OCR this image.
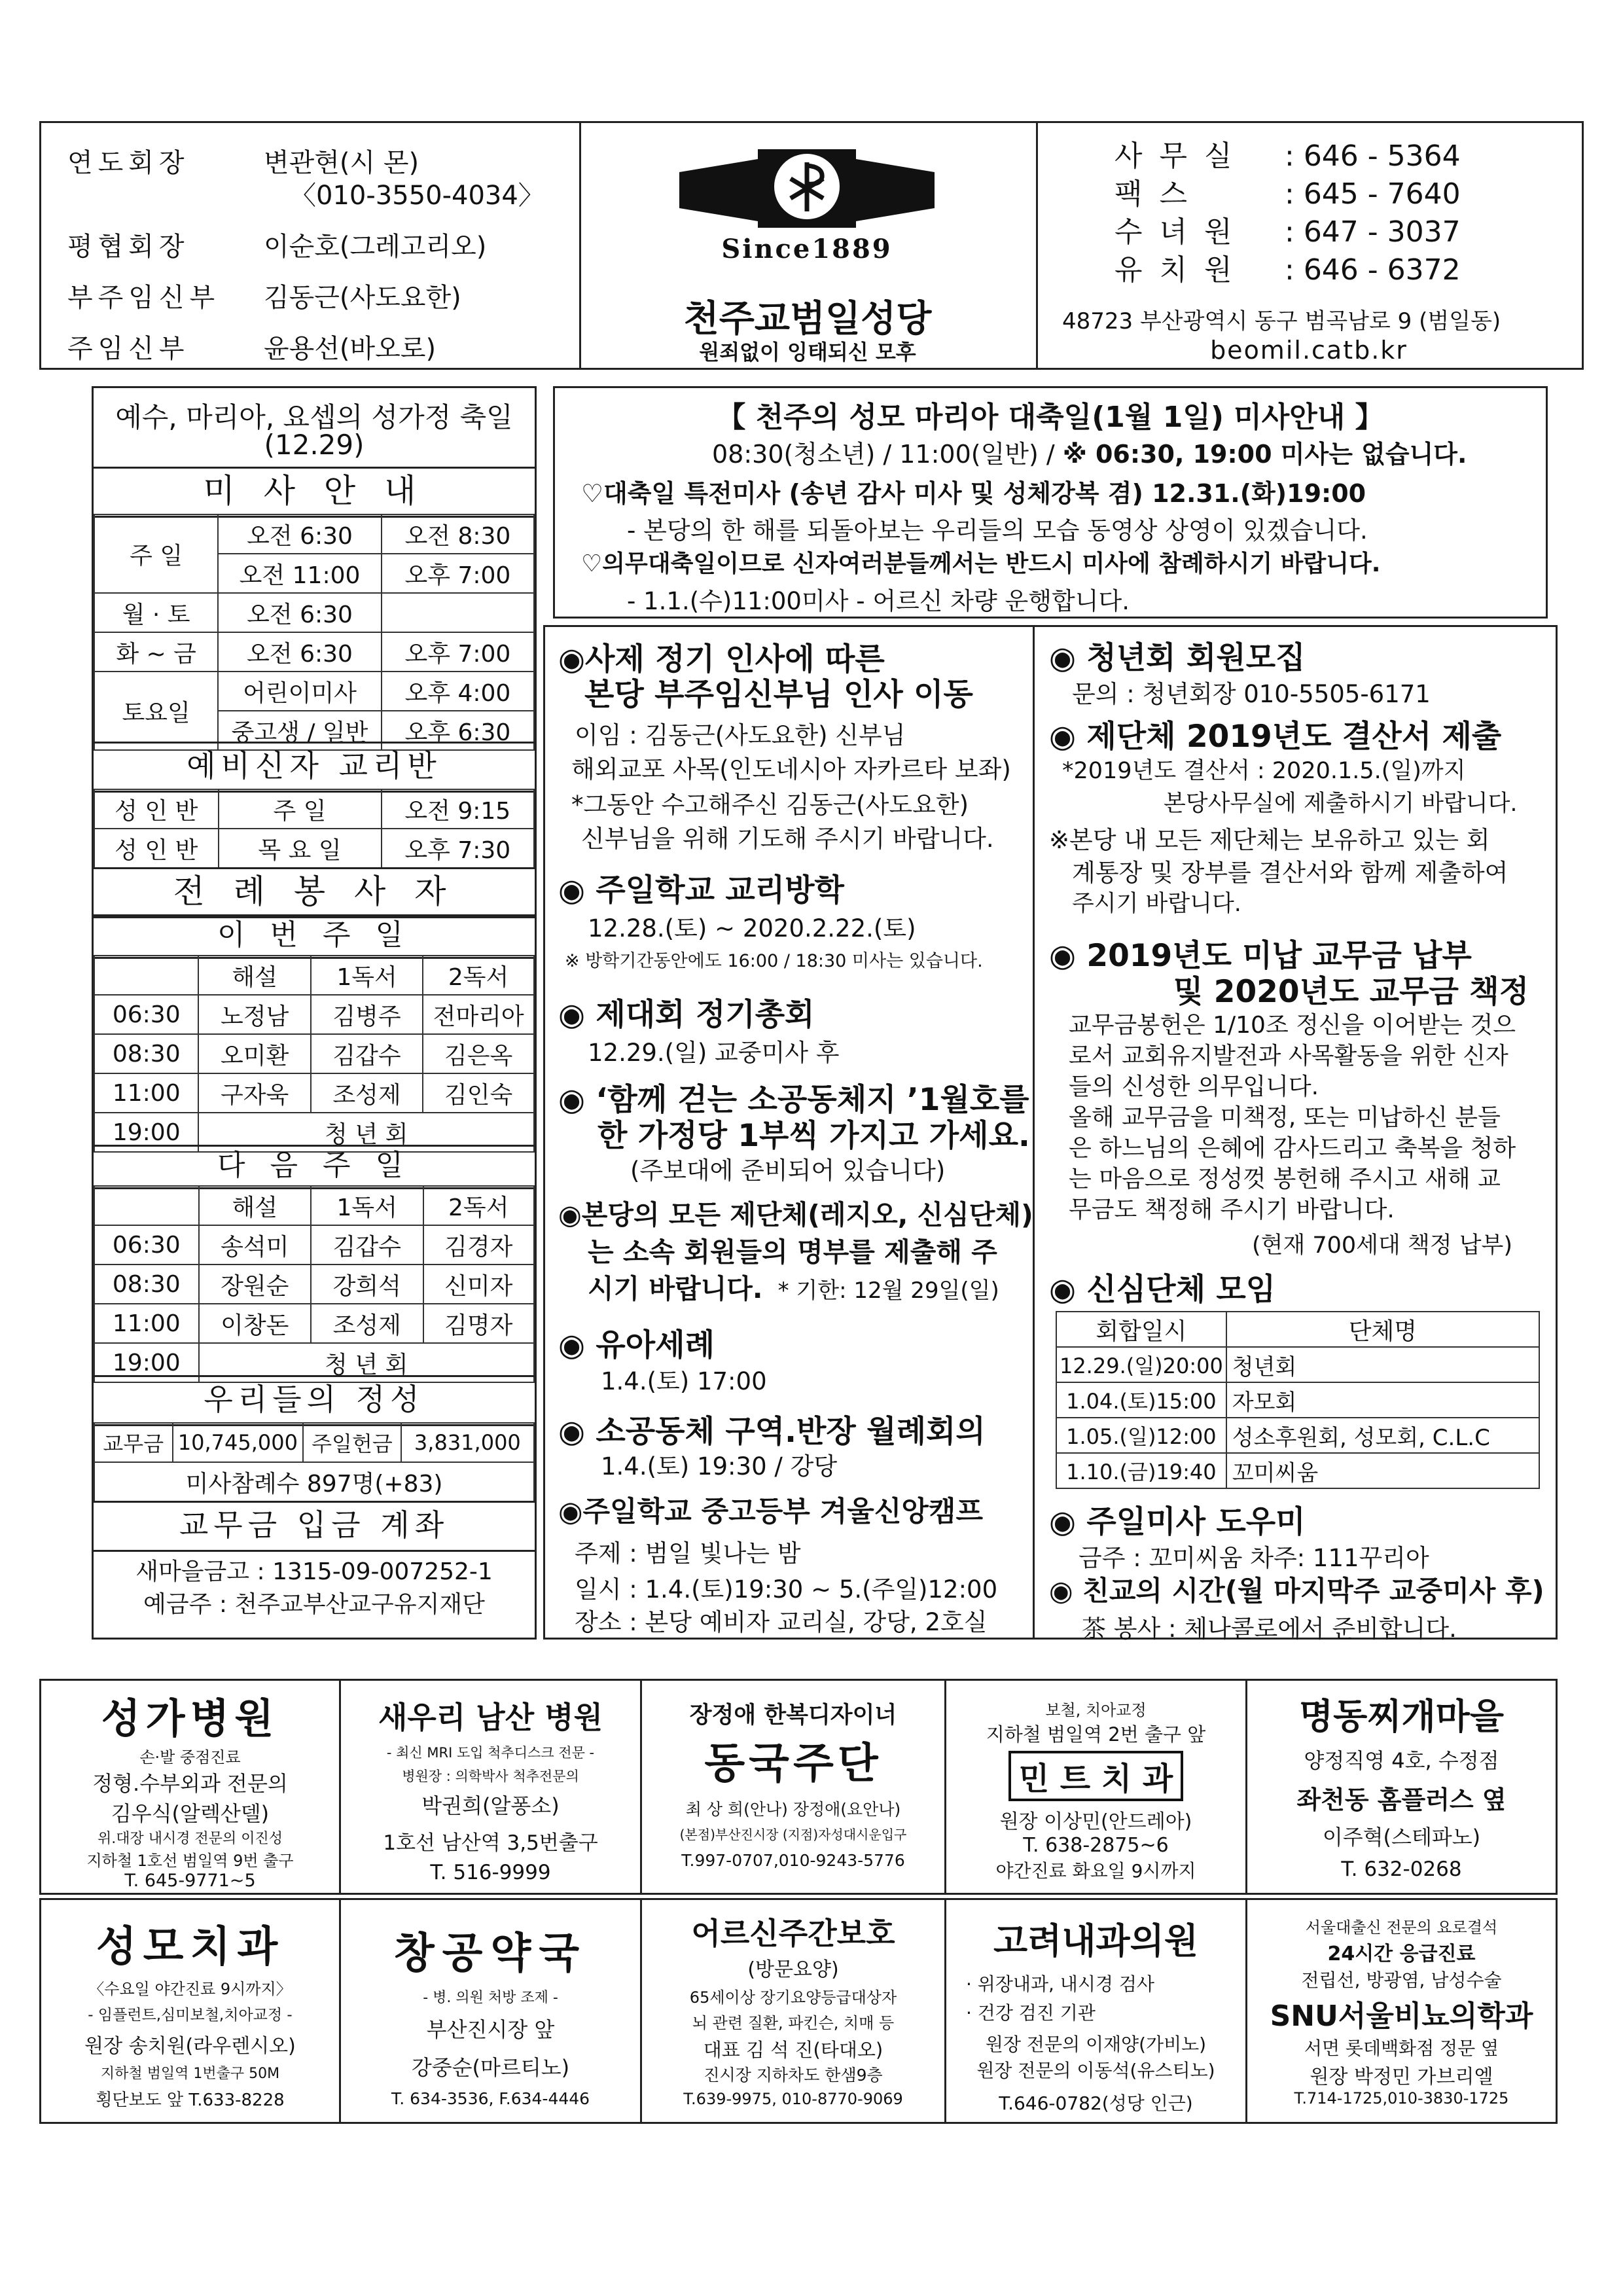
연도회장	변관현(시 몬)
〈010-3550-4034〉
평협회장	이순호(그레고리오)
부주임신부 김동근(사도요한)
주임신부	윤용선(바오로)
Since1889
천주교범일성당
원죄없이 잉태되신 모후
사 무 실 : 646 - 5364
팩 스	: 645 - 7640
수 녀 원 : 647 - 3037
유 치 원 : 646 - 6372
48723 부산광역시 동구 범곡남로 9 (범일동)
beomil.catb.kr
예수, 마리아, 요셉의 성가정 축일
(12.29)
미 사 안 내
주 일	오전 6:30	오전 8:30
	오전 11:00	오후 7:00
월 · 토	오전 6:30	
화 ~ 금	오전 6:30	오후 7:00
토요일	어린이미사	오후 4:00
	중고생 / 일반	오후 6:30
예비신자 교리반
성 인 반	주 일	오전 9:15
성 인 반	목 요 일	오후 7:30
전 례 봉 사 자
이 번 주 일
	해설	1독서	2독서
06:30	노정남	김병주	전마리아
08:30	오미환	김갑수	김은옥
11:00	구자욱	조성제	김인숙
19:00	청 년 회		
다 음 주 일
	해설	1독서	2독서
06:30	송석미	김갑수	김경자
08:30	장원순	강희석	신미자
11:00	이창돈	조성제	김명자
19:00	청 년 회		
우리들의 정성
교무금	10,745,000	주일헌금	3,831,000
미사참례수 897명(+83)
교무금 입금 계좌
새마을금고 : 1315-09-007252-1
예금주 : 천주교부산교구유지재단
【 천주의 성모 마리아 대축일(1월 1일) 미사안내 】
08:30(청소년) / 11:00(일반) / ※ 06:30, 19:00 미사는 없습니다.
♡대축일 특전미사 (송년 감사 미사 및 성체강복 겸) 12.31.(화)19:00
- 본당의 한 해를 되돌아보는 우리들의 모습 동영상 상영이 있겠습니다.
♡의무대축일이므로 신자여러분들께서는 반드시 미사에 참례하시기 바랍니다.
- 1.1.(수)11:00미사 - 어르신 차량 운행합니다.
◉사제 정기 인사에 따른
본당 부주임신부님 인사 이동
이임 : 김동근(사도요한) 신부님
해외교포 사목(인도네시아 자카르타 보좌)
*그동안 수고해주신 김동근(사도요한)
신부님을 위해 기도해 주시기 바랍니다.
◉ 주일학교 교리방학
12.28.(토) ~ 2020.2.22.(토)
※ 방학기간동안에도 16:00 / 18:30 미사는 있습니다.
◉ 제대회 정기총회
12.29.(일) 교중미사 후
◉ ‘함께 걷는 소공동체지 ’1월호를
한 가정당 1부씩 가지고 가세요.
(주보대에 준비되어 있습니다)
◉본당의 모든 제단체(레지오, 신심단체)
는 소속 회원들의 명부를 제출해 주
시기 바랍니다. * 기한: 12월 29일(일)
◉ 유아세례
1.4.(토) 17:00
◉ 소공동체 구역.반장 월례회의
1.4.(토) 19:30 / 강당
◉주일학교 중고등부 겨울신앙캠프
주제 : 범일 빛나는 밤
일시 : 1.4.(토)19:30 ~ 5.(주일)12:00
장소 : 본당 예비자 교리실, 강당, 2호실
◉ 청년회 회원모집
문의 : 청년회장 010-5505-6171
◉ 제단체 2019년도 결산서 제출
*2019년도 결산서 : 2020.1.5.(일)까지
본당사무실에 제출하시기 바랍니다.
※본당 내 모든 제단체는 보유하고 있는 회
계통장 및 장부를 결산서와 함께 제출하여
주시기 바랍니다.
◉ 2019년도 미납 교무금 납부
및 2020년도 교무금 책정
교무금봉헌은 1/10조 정신을 이어받는 것으
로서 교회유지발전과 사목활동을 위한 신자
들의 신성한 의무입니다.
올해 교무금을 미책정, 또는 미납하신 분들
은 하느님의 은혜에 감사드리고 축복을 청하
는 마음으로 정성껏 봉헌해 주시고 새해 교
무금도 책정해 주시기 바랍니다.
(현재 700세대 책정 납부)
◉ 신심단체 모임
회합일시	단체명
12.29.(일)20:00	청년회
1.04.(토)15:00	자모회
1.05.(일)12:00	성소후원회, 성모회, C.L.C
1.10.(금)19:40	꼬미씨움
◉ 주일미사 도우미
금주 : 꼬미씨움 차주: 111꾸리아
◉ 친교의 시간(월 마지막주 교중미사 후)
茶 봉사 : 체나콜로에서 준비합니다.
성가병원
손·발 중점진료
정형.수부외과 전문의
김우식(알렉산델)
위.대장 내시경 전문의 이진성
지하철 1호선 범일역 9번 출구
T. 645-9771~5
새우리 남산 병원
- 최신 MRI 도입 척추디스크 전문 -
병원장 : 의학박사 척추전문의
박권희(알퐁소)
1호선 남산역 3,5번출구
T. 516-9999
장정애 한복디자이너
동국주단
최 상 희(안나) 장정애(요안나)
(본점)부산진시장 (지점)자성대시운입구
T.997-0707,010-9243-5776
보철, 치아교정
지하철 범일역 2번 출구 앞
민 트 치 과
원장 이상민(안드레아)
T. 638-2875~6
야간진료 화요일 9시까지
명동찌개마을
양정직영 4호, 수정점
좌천동 홈플러스 옆
이주혁(스테파노)
T. 632-0268
성모치과
〈수요일 야간진료 9시까지〉
- 임플런트,심미보철,치아교정 -
원장 송치원(라우렌시오)
지하철 범일역 1번출구 50M
횡단보도 앞 T.633-8228
창공약국
- 병. 의원 처방 조제 -
부산진시장 앞
강중순(마르티노)
T. 634-3536, F.634-4446
어르신주간보호
(방문요양)
65세이상 장기요양등급대상자
뇌 관련 질환, 파킨슨, 치매 등
대표 김 석 진(타대오)
진시장 지하차도 한샘9층
T.639-9975, 010-8770-9069
고려내과의원
· 위장내과, 내시경 검사
· 건강 검진 기관
원장 전문의 이재양(가비노)
원장 전문의 이동석(유스티노)
T.646-0782(성당 인근)
서울대출신 전문의 요로결석
24시간 응급진료
전립선, 방광염, 남성수술
SNU서울비뇨의학과
서면 롯데백화점 정문 옆
원장 박정민 가브리엘
T.714-1725,010-3830-1725
